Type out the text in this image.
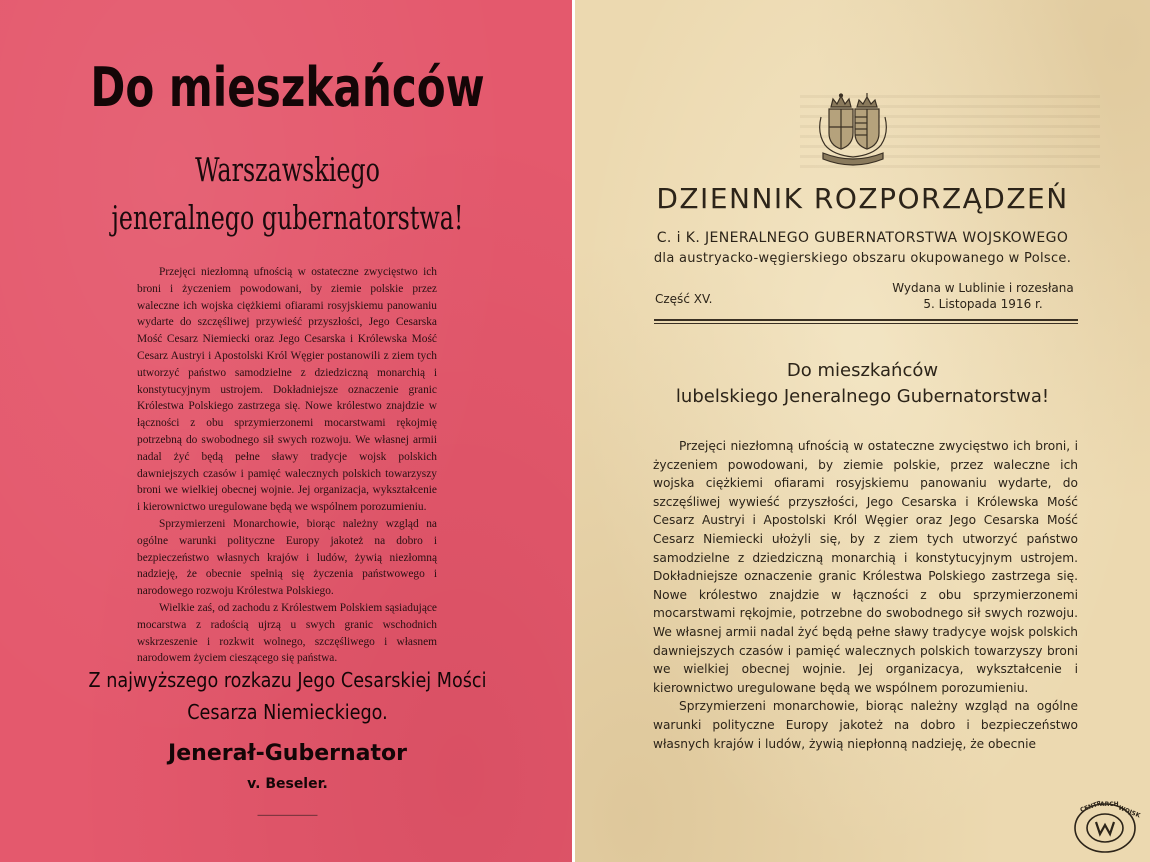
Do mieszkańców
Warszawskiego
jeneralnego gubernatorstwa!

Przejęci niezłomną ufnością w ostateczne zwycięstwo ich broni i życzeniem powodowani, by ziemie polskie przez waleczne ich wojska ciężkiemi ofiarami rosyjskiemu panowaniu wydarte do szczęśliwej przywieść przyszłości, Jego Cesarska Mość Cesarz Niemiecki oraz Jego Cesarska i Królewska Mość Cesarz Austryi i Apostolski Król Węgier postanowili z ziem tych utworzyć państwo samodzielne z dziedziczną monarchią i konstytucyjnym ustrojem. Dokładniejsze oznaczenie granic Królestwa Polskiego zastrzega się. Nowe królestwo znajdzie w łączności z obu sprzymierzonemi mocarstwami rękojmię potrzebną do swobodnego sił swych rozwoju. We własnej armii nadal żyć będą pełne sławy tradycje wojsk polskich dawniejszych czasów i pamięć walecznych polskich towarzyszy broni we wielkiej obecnej wojnie. Jej organizacja, wykształcenie i kierownictwo uregulowane będą we wspólnem porozumieniu.

Sprzymierzeni Monarchowie, biorąc należny wzgląd na ogólne warunki polityczne Europy jakoteż na dobro i bezpieczeństwo własnych krajów i ludów, żywią niezłomną nadzieję, że obecnie spełnią się życzenia państwowego i narodowego rozwoju Królestwa Polskiego.

Wielkie zaś, od zachodu z Królestwem Polskiem sąsiadujące mocarstwa z radością ujrzą u swych granic wschodnich wskrzeszenie i rozkwit wolnego, szczęśliwego i własnem narodowem życiem cieszącego się państwa.

Z najwyższego rozkazu Jego Cesarskiej Mości Cesarza Niemieckiego.
Jenerał-Gubernator
v. Beseler.
▬▬▬▬▬▬▬▬▬▬▬▬▬▬▬
DZIENNIK ROZPORZĄDZEŃ
C. i K. JENERALNEGO GUBERNATORSTWA WOJSKOWEGO
dla austryacko-węgierskiego obszaru okupowanego w Polsce.
Część XV.
Wydana w Lublinie i rozesłana
5. Listopada 1916 r.
Do mieszkańców
lubelskiego Jeneralnego Gubernatorstwa!

Przejęci niezłomną ufnością w ostateczne zwycięstwo ich broni, i życzeniem powodowani, by ziemie polskie, przez waleczne ich wojska ciężkiemi ofiarami rosyjskiemu panowaniu wydarte, do szczęśliwej wywieść przyszłości, Jego Cesarska i Królewska Mość Cesarz Austryi i Apostolski Król Węgier oraz Jego Cesarska Mość Cesarz Niemiecki ułożyli się, by z ziem tych utworzyć państwo samodzielne z dziedziczną monarchią i konstytucyjnym ustrojem. Dokładniejsze oznaczenie granic Królestwa Polskiego zastrzega się. Nowe królestwo znajdzie w łączności z obu sprzymierzonemi mocarstwami rękojmie, potrzebne do swobodnego sił swych rozwoju. We własnej armii nadal żyć będą pełne sławy tradycye wojsk polskich dawniejszych czasów i pamięć walecznych polskich towarzyszy broni we wielkiej obecnej wojnie. Jej organizacya, wykształcenie i kierownictwo uregulowane będą we wspólnem porozumieniu.

Sprzymierzeni monarchowie, biorąc należny wzgląd na ogólne warunki polityczne Europy jakoteż na dobro i bezpieczeństwo własnych krajów i ludów, żywią niepłonną nadzieję, że obecnie

CENTR
ARCH
WOJSK
